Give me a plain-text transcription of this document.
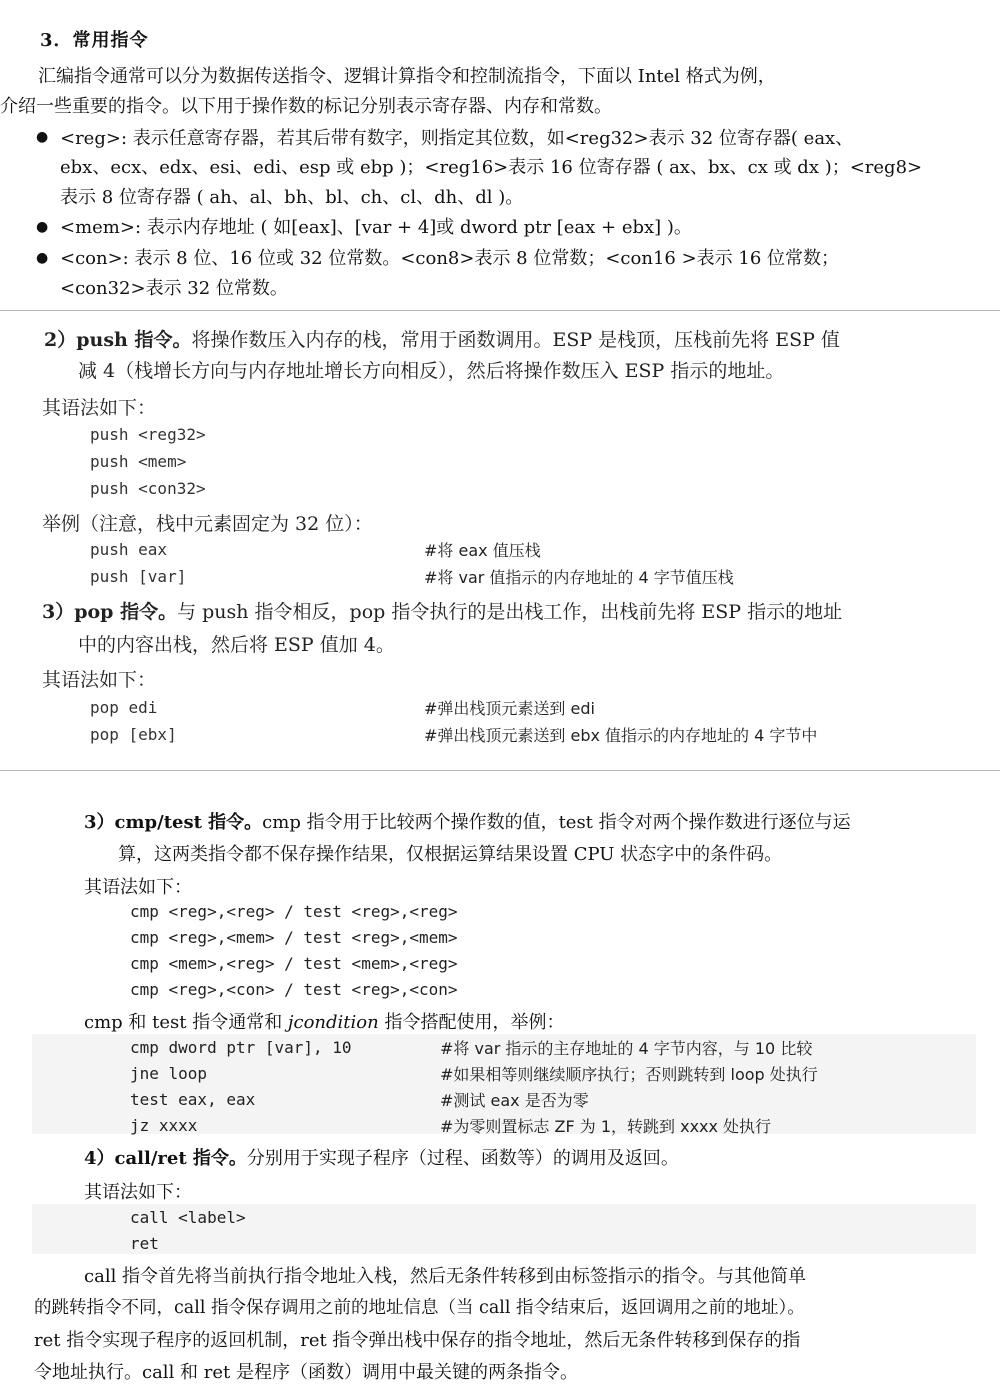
3．常用指令
汇编指令通常可以分为数据传送指令、逻辑计算指令和控制流指令，下面以 Intel 格式为例，
介绍一些重要的指令。以下用于操作数的标记分别表示寄存器、内存和常数。
● <reg>: 表示任意寄存器，若其后带有数字，则指定其位数，如<reg32>表示 32 位寄存器( eax、
ebx、ecx、edx、esi、edi、esp 或 ebp )；<reg16>表示 16 位寄存器 ( ax、bx、cx 或 dx )；<reg8>
表示 8 位寄存器 ( ah、al、bh、bl、ch、cl、dh、dl )。
● <mem>: 表示内存地址 ( 如[eax]、[var + 4]或 dword ptr [eax + ebx] )。
● <con>: 表示 8 位、16 位或 32 位常数。<con8>表示 8 位常数；<con16 >表示 16 位常数；
<con32>表示 32 位常数。
2）push 指令。将操作数压入内存的栈，常用于函数调用。ESP 是栈顶，压栈前先将 ESP 值
减 4（栈增长方向与内存地址增长方向相反），然后将操作数压入 ESP 指示的地址。
其语法如下：
push <reg32>
push <mem>
push <con32>
举例（注意，栈中元素固定为 32 位）：
push eax	#将 eax 值压栈
push [var]	#将 var 值指示的内存地址的 4 字节值压栈
3）pop 指令。与 push 指令相反，pop 指令执行的是出栈工作，出栈前先将 ESP 指示的地址
中的内容出栈，然后将 ESP 值加 4。
其语法如下：
pop edi	#弹出栈顶元素送到 edi
pop [ebx]	#弹出栈顶元素送到 ebx 值指示的内存地址的 4 字节中
3）cmp/test 指令。cmp 指令用于比较两个操作数的值，test 指令对两个操作数进行逐位与运
算，这两类指令都不保存操作结果，仅根据运算结果设置 CPU 状态字中的条件码。
其语法如下：
cmp <reg>,<reg> / test <reg>,<reg>
cmp <reg>,<mem> / test <reg>,<mem>
cmp <mem>,<reg> / test <mem>,<reg>
cmp <reg>,<con> / test <reg>,<con>
cmp 和 test 指令通常和 jcondition 指令搭配使用，举例：
cmp dword ptr [var], 10	#将 var 指示的主存地址的 4 字节内容，与 10 比较
jne loop	#如果相等则继续顺序执行；否则跳转到 loop 处执行
test eax, eax	#测试 eax 是否为零
jz xxxx	#为零则置标志 ZF 为 1，转跳到 xxxx 处执行
4）call/ret 指令。分别用于实现子程序（过程、函数等）的调用及返回。
其语法如下：
call <label>
ret
call 指令首先将当前执行指令地址入栈，然后无条件转移到由标签指示的指令。与其他简单
的跳转指令不同，call 指令保存调用之前的地址信息（当 call 指令结束后，返回调用之前的地址）。
ret 指令实现子程序的返回机制，ret 指令弹出栈中保存的指令地址，然后无条件转移到保存的指
令地址执行。call 和 ret 是程序（函数）调用中最关键的两条指令。
